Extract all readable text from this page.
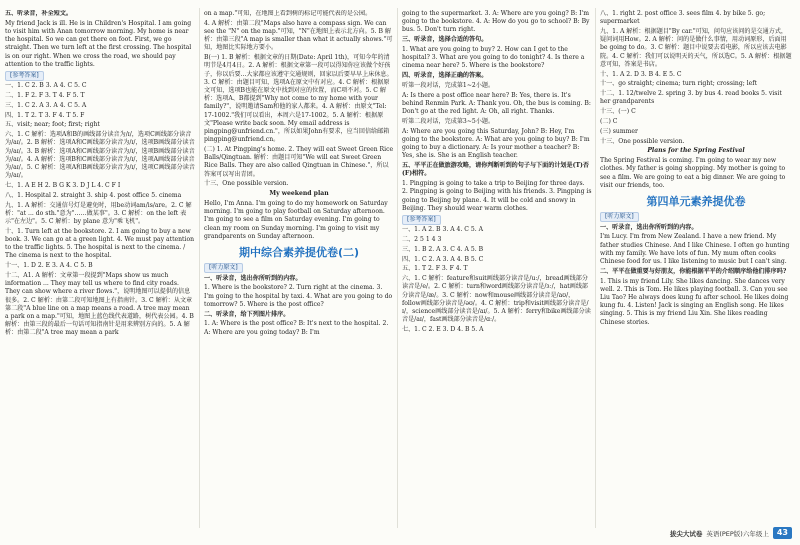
五、听录音，补全短文。

My friend Jack is ill. He is in Children's Hospital. I am going to visit him with Anan tomorrow morning. My home is near the hospital. So we can get there on foot. First, we go straight. Then we turn left at the first crossing. The hospital is on our right. When we cross the road, we should pay attention to the traffic lights.

[参考答案]

一、1. C 2. B 3. A 4. C 5. C

二、1. F 2. F 3. T 4. F 5. T

三、1. C 2. A 3. A 4. C 5. A

四、1. T 2. T 3. F 4. T 5. F

五、visit; near; foot; first; right

六、1. C 解析：选项A和B的画线部分读音为/ɪ/，选项C画线部分读音为/aɪ/。2. B 解析：选项A和C画线部分读音为/ɪ/，选项B画线部分读音为/aɪ/。3. B 解析：选项A和C画线部分读音为/ɪ/，选项B画线部分读音为/aɪ/。4. A 解析：选项B和C画线部分读音为/ɪ/，选项A画线部分读音为/aɪ/。5. C 解析：选项A和B画线部分读音为/ɪ/，选项C画线部分读音为/aɪ/。

七、1. A E H 2. B G K 3. D J L 4. C F I

八、1. Hospital 2. straight 3. ship 4. post office 5. cinema

九、1. A 解析：交通信号灯是避免时，用be动词am/is/are。2. C 解析："at ... do sth."意为"……做某事"。3. C 解析：on the left 表示"在左边"。5. C 解析：by plane 意为"乘飞机"。

十、1. Turn left at the bookstore. 2. I am going to buy a new book. 3. We can go at a green light. 4. We must pay attention to the traffic lights. 5. The hospital is next to the cinema. / The cinema is next to the hospital.

十一、1. D 2. E 3. A 4. C 5. B

十二、A1. A 解析：文章第一段提到"Maps show us much information ... They may tell us where to find city roads. They can show where a river flows."，说明地图可以提供的信息很多。2. C 解析：由第二段可知地图上有指南针。3. C 解析：从文章第二段"A blue line on a map means a road. A tree may mean a park on a map."可知，地图上蓝色线代表道路，树代表公园。4. B 解析：由第三段的最后一句话可知指南针是用来辨别方向的。5. A 解析：由第二段"A tree may mean a park

on a map."可知，在地图上看到树的标记可能代表的是公园。

4. A 解析：由第二段"Maps also have a compass sign. We can see the "N" on the map."可知，"N"在地图上表示北方向。5. B 解析：由第三段"A map is smaller than what it actually shows."可知，地图比实际地方要小。

B(一) 1. B 解析：根据文章的日期(Date: April 1th)，可知今年的清明节是4月4日。2. A 解析：根据文章第一段可以得知你应该做个好孩子，你以后要...大家都应该遵守交通规则，回家以后要早早上床休息。3. C 解析：由题目可知，选项A在原文中有对应。4. C 解析：根据原文可知，选项B也能在原文中找到对应的位置，而C项不对。5. C 解析：选项A、B都提到"Why not come to my home with your family?"，说明邀请Sam和他的家人都来。4. A 解析：由原文"Tel: 17-1002."我们可以看出，本周六是17-1002。5. A 解析：根据原文"Please write back soon. My email address is pingping@unfriend.cn."，所以如果John有要求，应当回信给邮箱pingping@unfriend.cn。

(二) 1. At Pingping's home. 2. They will eat Sweet Green Rice Balls/Qingtuan. 解析：由题目可知"We will eat Sweet Green Rice Balls. They are also called Qingtuan in Chinese."，所以答案可以写出青团。

十三、One possible version.

My weekend plan

Hello, I'm Anna. I'm going to do my homework on Saturday morning. I'm going to play football on Saturday afternoon. I'm going to see a film on Saturday evening. I'm going to clean my room on Sunday morning. I'm going to visit my grandparents on Sunday afternoon.

期中综合素养提优卷(二)

[听力原文]

一、听录音，选出你所听到的内容。

1. Where is the bookstore? 2. Turn right at the cinema. 3. I'm going to the hospital by taxi. 4. What are you going to do tomorrow? 5. Where is the post office?

二、听录音，给下列图片排序。

1. A: Where is the post office? B: It's next to the hospital. 2. A: Where are you going today? B: I'm

going to the supermarket. 3. A: Where are you going? B: I'm going to the bookstore. 4. A: How do you go to school? B: By bus. 5. Don't turn right.

三、听录音，选择合适的答句。

1. What are you going to buy? 2. How can I get to the hospital? 3. What are you going to do tonight? 4. Is there a cinema near here? 5. Where is the bookstore?

四、听录音，选择正确的答案。

听第一段对话，完成第1~2小题。

A: Is there a post office near here? B: Yes, there is. It's behind Renmin Park. A: Thank you. Oh, the bus is coming. B: Don't go at the red light. A: Oh, all right. Thanks.

听第二段对话，完成第3~5小题。

A: Where are you going this Saturday, John? B: Hey, I'm going to the bookstore. A: What are you going to buy? B: I'm going to buy a dictionary. A: Is your mother a teacher? B: Yes, she is. She is an English teacher.

五、平平正在做旅游攻略，请你判断听到的句子与下面的计划是(T)否(F)相符。

1. Pingping is going to take a trip to Beijing for three days. 2. Pingping is going to Beijing with his friends. 3. Pingping is going to Beijing by plane. 4. It will be cold and snowy in Beijing. They should wear warm clothes.

[参考答案]

一、1. A 2. B 3. A 4. C 5. A

二、2 5 1 4 3

三、1. B 2. A 3. C 4. A 5. B

四、1. C 2. A 3. A 4. B 5. C

五、1. T 2. F 3. F 4. T

六、1. C 解析：feature和suit画线部分读音是/uː/，bread画线部分读音是/e/。2. C 解析：turn和word画线部分读音是/ɜː/，hat画线部分读音是/æ/。3. C 解析：now和mouse画线部分读音是/aʊ/，follow画线部分读音是/əʊ/。4. C 解析：trip和visit画线部分读音是/ɪ/，science画线部分读音是/aɪ/。5. A 解析：ferry和bike画线部分读音是/aɪ/，fast画线部分读音是/ɑː/。

七、1. C 2. E 3. D 4. B 5. A

八、1. right 2. post office 3. sees film 4. by bike 5. go; supermarket

九、1. A 解析：根据题目"By car."可知，问句应该问的是交通方式，疑问词用How。2. A 解析：问的是做什么事情，用动词原形，后面用be going to do。3. C 解析：题目中说要去看电影，所以应该去电影院。4. C 解析：我们可以说明天的天气，所以选C。5. A 解析：根据题意可知，答案是书店。

十、1. A 2. D 3. B 4. E 5. C

十一、go straight; cinema; turn right; crossing; left

十二、1. 12/twelve 2. spring 3. by bus 4. read books 5. visit her grandparents

十三、(一) C

(二) C

(三) summer

十三、One possible version.

Plans for the Spring Festival

The Spring Festival is coming. I'm going to wear my new clothes. My father is going shopping. My mother is going to see a film. We are going to eat a big dinner. We are going to visit our friends, too.

第四单元素养提优卷

[听力原文]

一、听录音，选出你所听到的内容。

I'm Lucy. I'm from New Zealand. I have a new friend. My father studies Chinese. And I like Chinese. I often go hunting with my family. We have lots of fun. My mum often cooks Chinese food for us. I like listening to music but I can't sing.

二、平平在做重要与好朋友，你能根据平平的介绍顺序给他们排序吗?

1. This is my friend Lily. She likes dancing. She dances very well. 2. This is Tom. He likes playing football. 3. Can you see Liu Tao? He always does kung fu after school. He likes doing kung fu. 4. Listen! Jack is singing an English song. He likes singing. 5. This is my friend Liu Xin. She likes reading Chinese stories.

拔尖大试卷 英语(PEP版)六年级上	43
